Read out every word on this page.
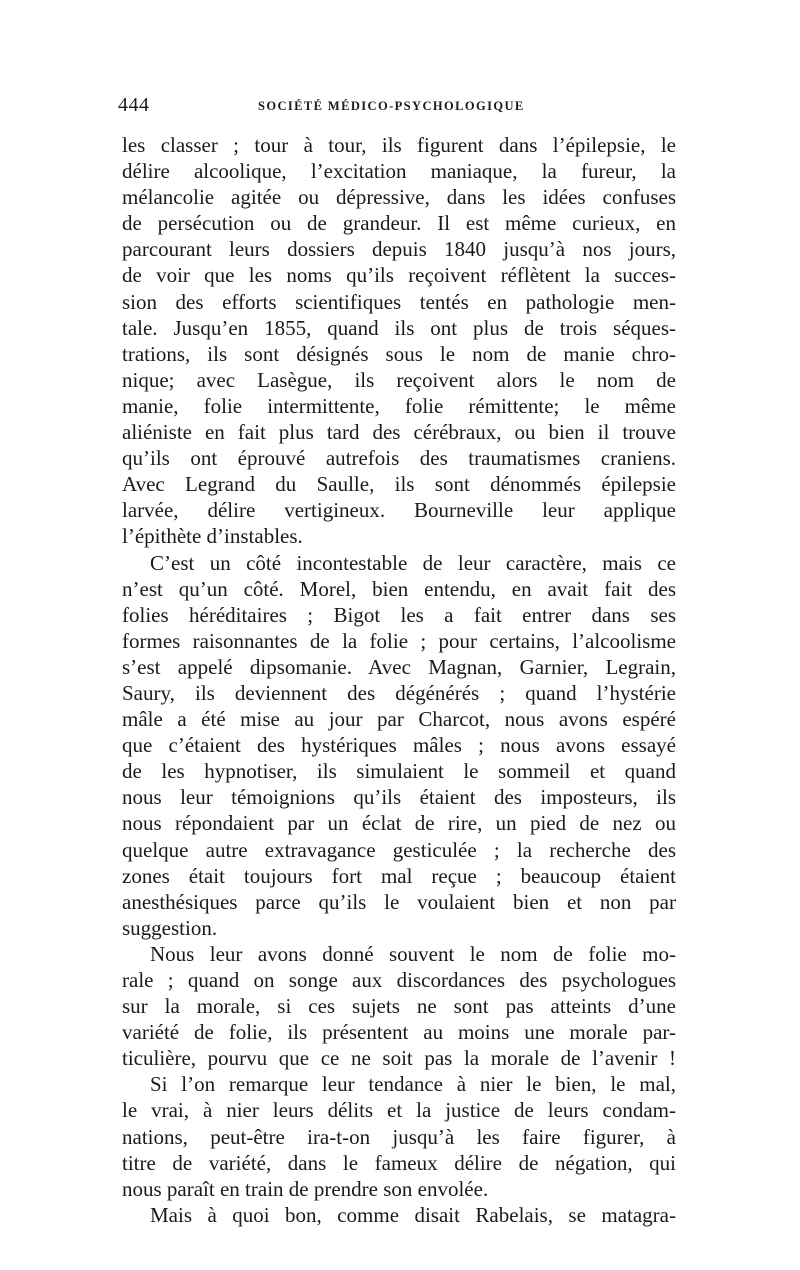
444	SOCIÉTÉ MÉDICO-PSYCHOLOGIQUE
les classer ; tour à tour, ils figurent dans l’épilepsie, le
délire alcoolique, l’excitation maniaque, la fureur, la
mélancolie agitée ou dépressive, dans les idées confuses
de persécution ou de grandeur. Il est même curieux, en
parcourant leurs dossiers depuis 1840 jusqu’à nos jours,
de voir que les noms qu’ils reçoivent réflètent la succes-
sion des efforts scientifiques tentés en pathologie men-
tale. Jusqu’en 1855, quand ils ont plus de trois séques-
trations, ils sont désignés sous le nom de manie chro-
nique; avec Lasègue, ils reçoivent alors le nom de
manie, folie intermittente, folie rémittente; le même
aliéniste en fait plus tard des cérébraux, ou bien il trouve
qu’ils ont éprouvé autrefois des traumatismes craniens.
Avec Legrand du Saulle, ils sont dénommés épilepsie
larvée, délire vertigineux. Bourneville leur applique
l’épithète d’instables.
C’est un côté incontestable de leur caractère, mais ce
n’est qu’un côté. Morel, bien entendu, en avait fait des
folies héréditaires ; Bigot les a fait entrer dans ses
formes raisonnantes de la folie ; pour certains, l’alcoolisme
s’est appelé dipsomanie. Avec Magnan, Garnier, Legrain,
Saury, ils deviennent des dégénérés ; quand l’hystérie
mâle a été mise au jour par Charcot, nous avons espéré
que c’étaient des hystériques mâles ; nous avons essayé
de les hypnotiser, ils simulaient le sommeil et quand
nous leur témoignions qu’ils étaient des imposteurs, ils
nous répondaient par un éclat de rire, un pied de nez ou
quelque autre extravagance gesticulée ; la recherche des
zones était toujours fort mal reçue ; beaucoup étaient
anesthésiques parce qu’ils le voulaient bien et non par
suggestion.
Nous leur avons donné souvent le nom de folie mo-
rale ; quand on songe aux discordances des psychologues
sur la morale, si ces sujets ne sont pas atteints d’une
variété de folie, ils présentent au moins une morale par-
ticulière, pourvu que ce ne soit pas la morale de l’avenir !
Si l’on remarque leur tendance à nier le bien, le mal,
le vrai, à nier leurs délits et la justice de leurs condam-
nations, peut-être ira-t-on jusqu’à les faire figurer, à
titre de variété, dans le fameux délire de négation, qui
nous paraît en train de prendre son envolée.
Mais à quoi bon, comme disait Rabelais, se matagra-
